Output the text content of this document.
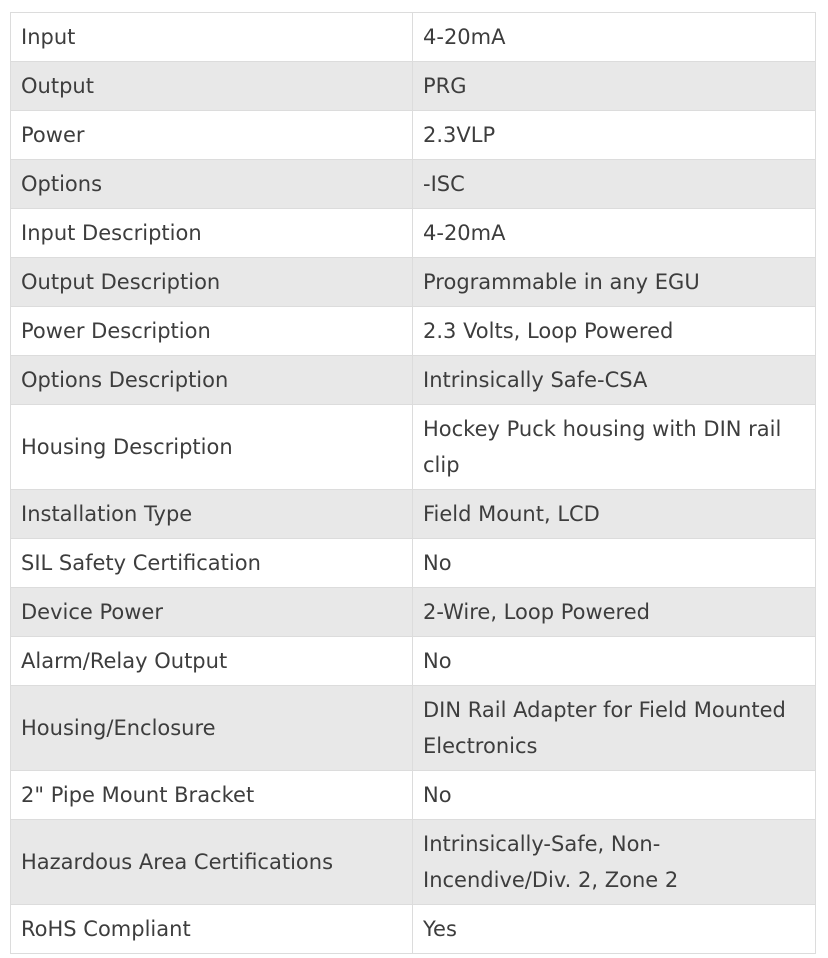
Input	4-20mA
Output	PRG
Power	2.3VLP
Options	-ISC
Input Description	4-20mA
Output Description	Programmable in any EGU
Power Description	2.3 Volts, Loop Powered
Options Description	Intrinsically Safe-CSA
Housing Description	Hockey Puck housing with DIN rail clip
Installation Type	Field Mount, LCD
SIL Safety Certification	No
Device Power	2-Wire, Loop Powered
Alarm/Relay Output	No
Housing/Enclosure	DIN Rail Adapter for Field Mounted Electronics
2" Pipe Mount Bracket	No
Hazardous Area Certifications	Intrinsically-Safe, Non-Incendive/Div. 2, Zone 2
RoHS Compliant	Yes
